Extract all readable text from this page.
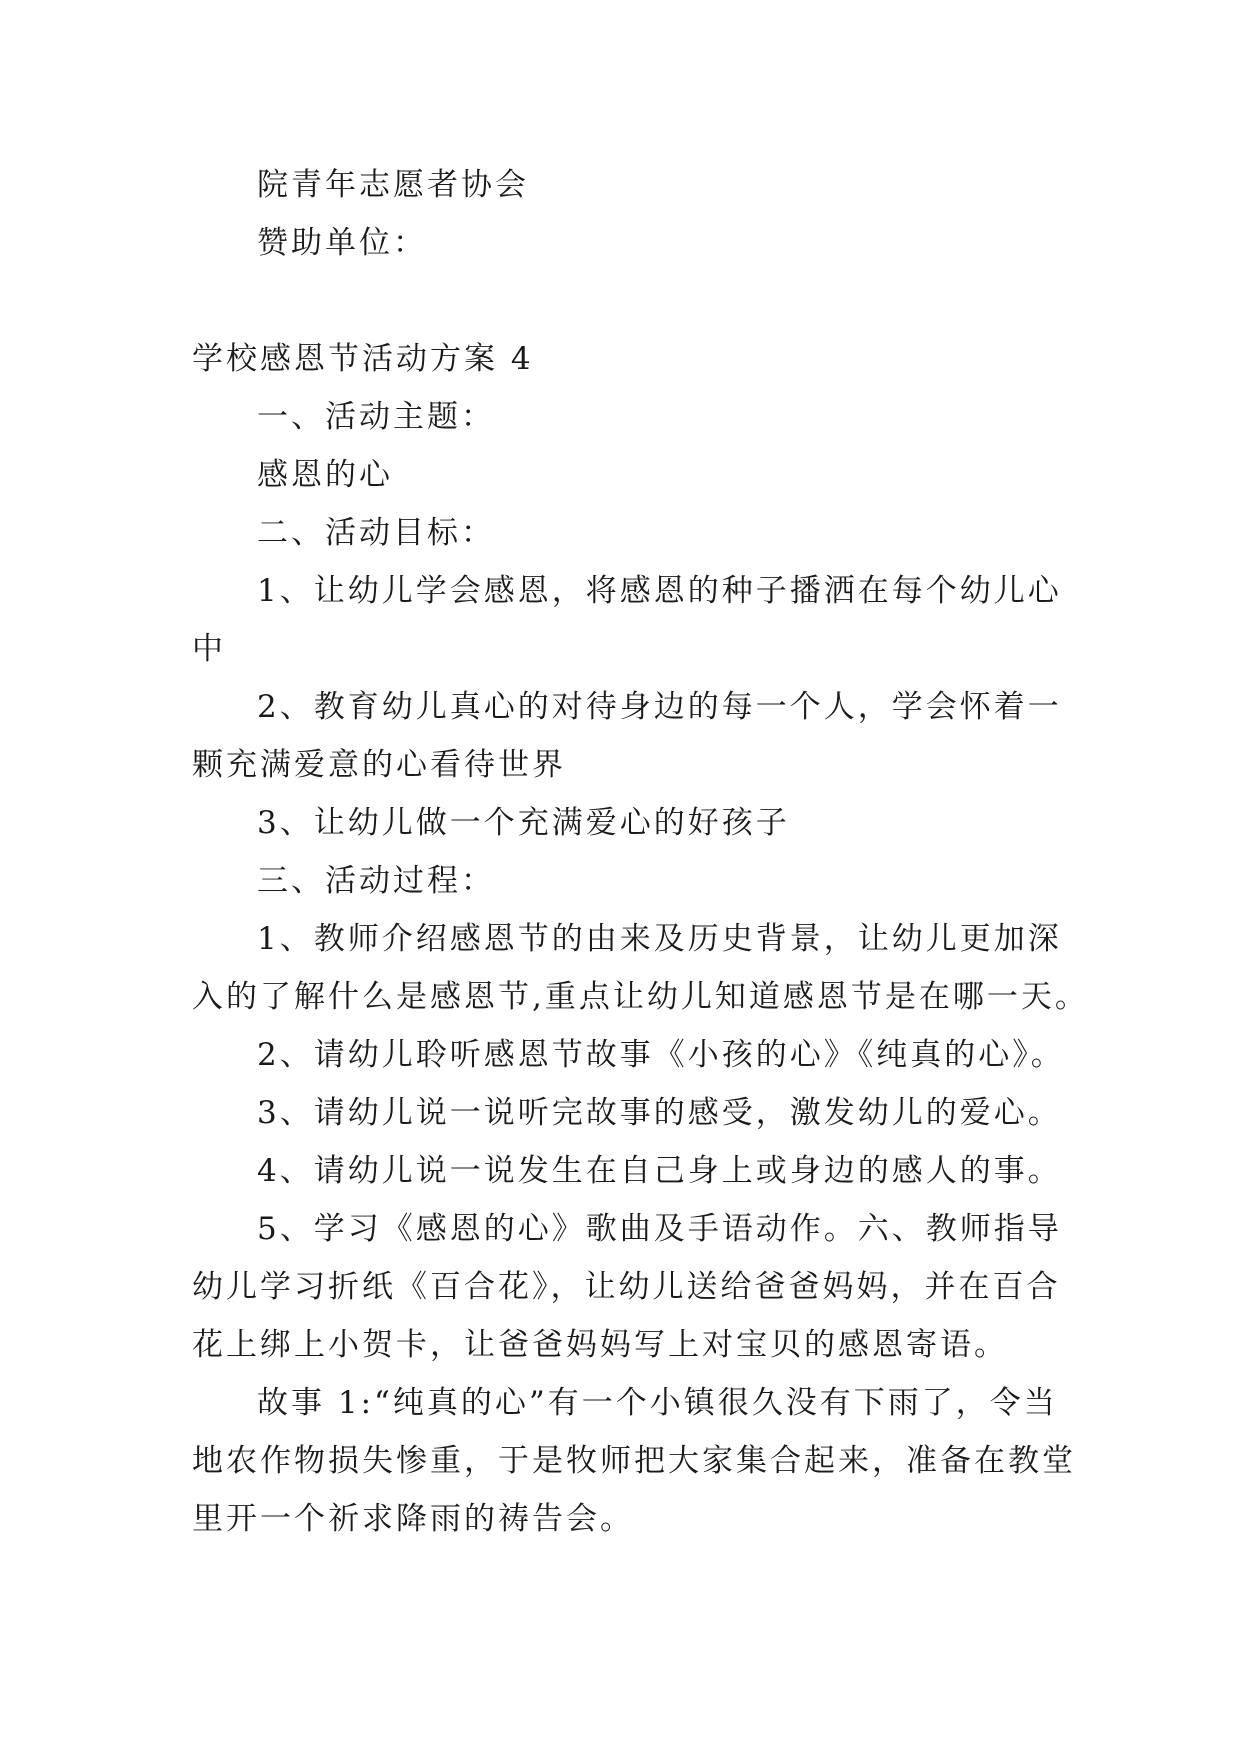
院青年志愿者协会
赞助单位：
学校感恩节活动方案 4
一、活动主题：
感恩的心
二、活动目标：
1、让幼儿学会感恩，将感恩的种子播洒在每个幼儿心
中
2、教育幼儿真心的对待身边的每一个人，学会怀着一
颗充满爱意的心看待世界
3、让幼儿做一个充满爱心的好孩子
三、活动过程：
1、教师介绍感恩节的由来及历史背景，让幼儿更加深
入的了解什么是感恩节,重点让幼儿知道感恩节是在哪一天。
2、请幼儿聆听感恩节故事《小孩的心》《纯真的心》。
3、请幼儿说一说听完故事的感受，激发幼儿的爱心。
4、请幼儿说一说发生在自己身上或身边的感人的事。
5、学习《感恩的心》歌曲及手语动作。六、教师指导
幼儿学习折纸《百合花》，让幼儿送给爸爸妈妈，并在百合
花上绑上小贺卡，让爸爸妈妈写上对宝贝的感恩寄语。
故事 1:“纯真的心”有一个小镇很久没有下雨了，令当
地农作物损失惨重，于是牧师把大家集合起来，准备在教堂
里开一个祈求降雨的祷告会。
